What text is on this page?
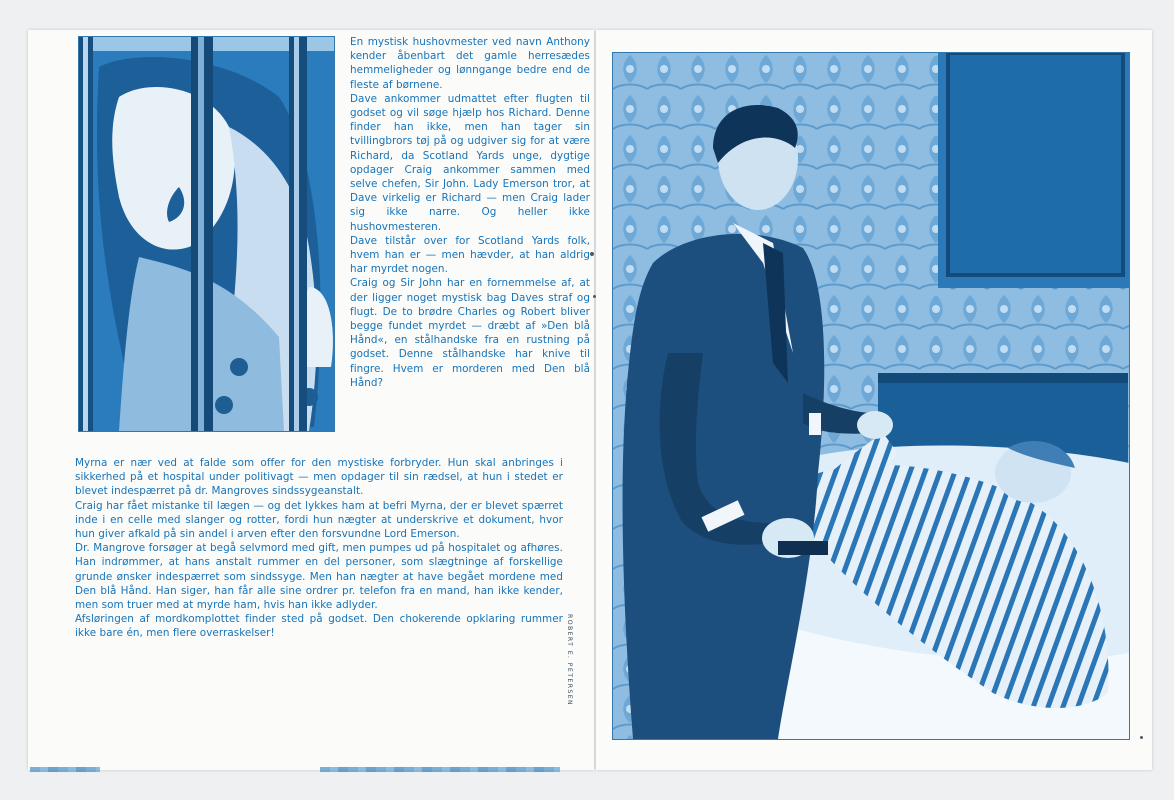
En mystisk hushovmester ved navn Anthony kender åbenbart det gamle herresædes hemmeligheder og lønngange bedre end de fleste af børnene.

Dave ankommer udmattet efter flugten til godset og vil søge hjælp hos Richard. Denne finder han ikke, men han tager sin tvillingbrors tøj på og udgiver sig for at være Richard, da Scotland Yards unge, dygtige opdager Craig ankommer sammen med selve chefen, Sir John. Lady Emerson tror, at Dave virkelig er Richard — men Craig lader sig ikke narre. Og heller ikke hushovmesteren.

Dave tilstår over for Scotland Yards folk, hvem han er — men hævder, at han aldrig har myrdet nogen.

Craig og Sir John har en fornemmelse af, at der ligger noget mystisk bag Daves straf og flugt. De to brødre Charles og Robert bliver begge fundet myrdet — dræbt af »Den blå Hånd«, en stålhandske fra en rustning på godset. Denne stålhandske har knive til fingre. Hvem er morderen med Den blå Hånd?

Myrna er nær ved at falde som offer for den mystiske forbryder. Hun skal anbringes i sikkerhed på et hospital under politivagt — men opdager til sin rædsel, at hun i stedet er blevet indespærret på dr. Mangroves sindssygeanstalt.

Craig har fået mistanke til lægen — og det lykkes ham at befri Myrna, der er blevet spærret inde i en celle med slanger og rotter, fordi hun nægter at underskrive et dokument, hvor hun giver afkald på sin andel i arven efter den forsvundne Lord Emerson.

Dr. Mangrove forsøger at begå selvmord med gift, men pumpes ud på hospitalet og afhøres. Han indrømmer, at hans anstalt rummer en del personer, som slægtninge af forskellige grunde ønsker indespærret som sindssyge. Men han nægter at have begået mordene med Den blå Hånd. Han siger, han får alle sine ordrer pr. telefon fra en mand, han ikke kender, men som truer med at myrde ham, hvis han ikke adlyder.

Afsløringen af mordkomplottet finder sted på godset. Den chokerende opklaring rummer ikke bare én, men flere overraskelser!	ROBERT E. PETERSEN
